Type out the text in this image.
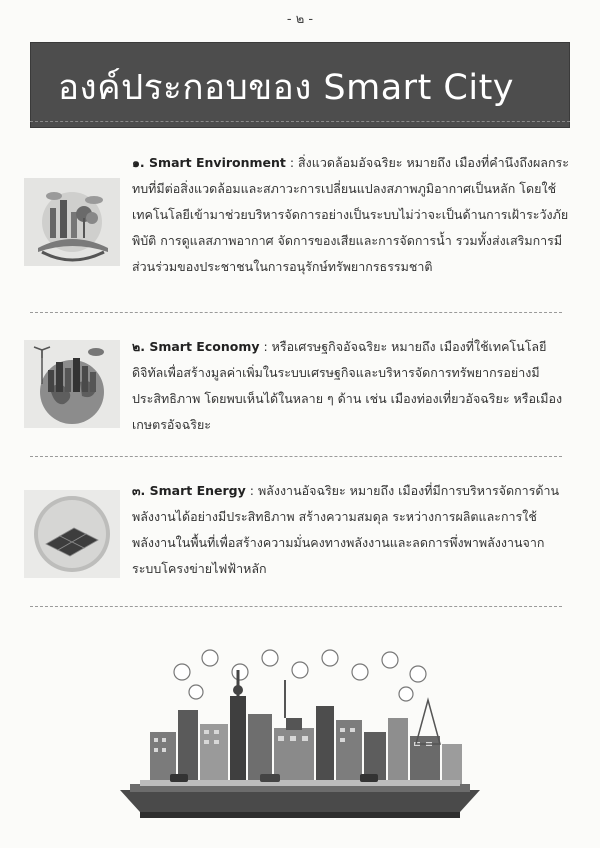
- ๒ -
องค์ประกอบของ Smart City

๑. Smart Environment : สิ่งแวดล้อมอัจฉริยะ หมายถึง เมืองที่คำนึงถึงผลกระทบที่มีต่อสิ่งแวดล้อมและสภาวะการเปลี่ยนแปลงสภาพภูมิอากาศเป็นหลัก โดยใช้เทคโนโลยีเข้ามาช่วยบริหารจัดการอย่างเป็นระบบไม่ว่าจะเป็นด้านการเฝ้าระวังภัยพิบัติ การดูแลสภาพอากาศ จัดการของเสียและการจัดการน้ำ รวมทั้งส่งเสริมการมีส่วนร่วมของประชาชนในการอนุรักษ์ทรัพยากรธรรมชาติ

๒. Smart Economy : หรือเศรษฐกิจอัจฉริยะ หมายถึง เมืองที่ใช้เทคโนโลยีดิจิทัลเพื่อสร้างมูลค่าเพิ่มในระบบเศรษฐกิจและบริหารจัดการทรัพยากรอย่างมีประสิทธิภาพ โดยพบเห็นได้ในหลาย ๆ ด้าน เช่น เมืองท่องเที่ยวอัจฉริยะ หรือเมืองเกษตรอัจฉริยะ

๓. Smart Energy : พลังงานอัจฉริยะ หมายถึง เมืองที่มีการบริหารจัดการด้านพลังงานได้อย่างมีประสิทธิภาพ สร้างความสมดุล ระหว่างการผลิตและการใช้พลังงานในพื้นที่เพื่อสร้างความมั่นคงทางพลังงานและลดการพึ่งพาพลังงานจากระบบโครงข่ายไฟฟ้าหลัก
